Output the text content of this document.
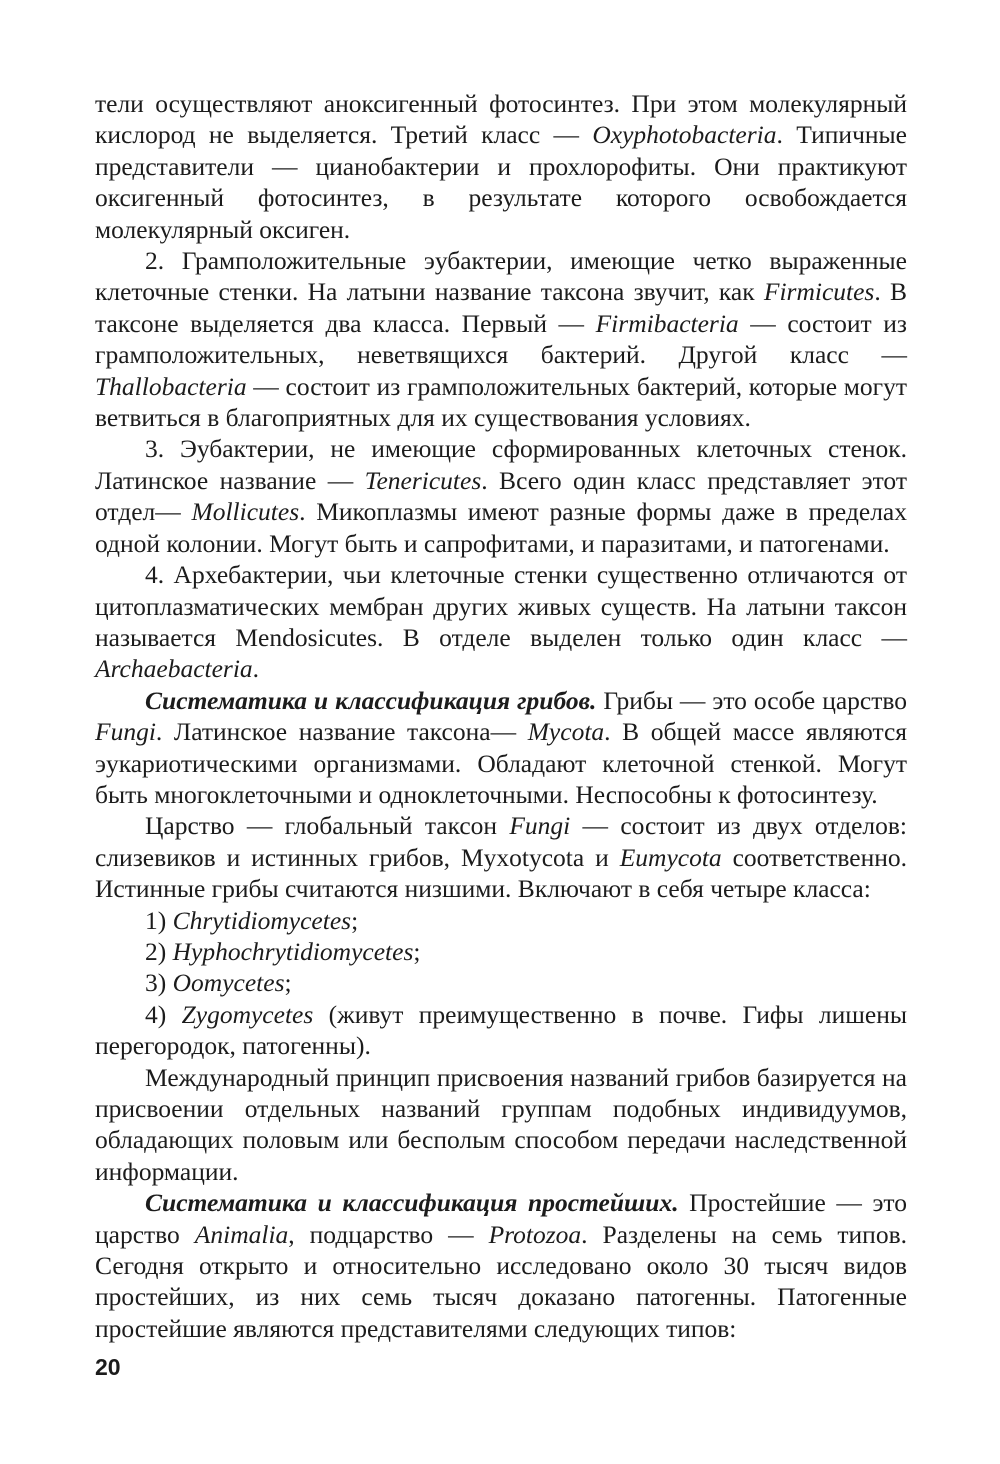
тели осуществляют аноксигенный фотосинтез. При этом молекулярный кислород не выделяется. Третий класс — Oxyphotobacteria. Типичные представители — цианобактерии и прохлорофиты. Они практикуют оксигенный фотосинтез, в результате которого освобождается молекулярный оксиген.

2. Грамположительные эубактерии, имеющие четко выраженные клеточные стенки. На латыни название таксона звучит, как Firmicutes. В таксоне выделяется два класса. Первый — Firmibacteria — состоит из грамположительных, неветвящихся бактерий. Другой класс — Thallobacteria — состоит из грамположительных бактерий, которые могут ветвиться в благоприятных для их существования условиях.

3. Эубактерии, не имеющие сформированных клеточных стенок. Латинское название — Tenericutes. Всего один класс представляет этот отдел— Mollicutes. Микоплазмы имеют разные формы даже в пределах одной колонии. Могут быть и сапрофитами, и паразитами, и патогенами.

4. Архебактерии, чьи клеточные стенки существенно отличаются от цитоплазматических мембран других живых существ. На латыни таксон называется Mendosicutes. В отделе выделен только один класс — Archaebacteria.

Систематика и классификация грибов. Грибы — это особе царство Fungi. Латинское название таксона— Mycota. В общей массе являются эукариотическими организмами. Обладают клеточной стенкой. Могут быть многоклеточными и одноклеточными. Неспособны к фотосинтезу.

Царство — глобальный таксон Fungi — состоит из двух отделов: слизевиков и истинных грибов, Myxotycota и Eumycota соответственно. Истинные грибы считаются низшими. Включают в себя четыре класса:

1) Chrytidiomycetes;

2) Hyphochrytidiomycetes;

3) Oomycetes;

4) Zygomycetes (живут преимущественно в почве. Гифы лишены перегородок, патогенны).

Международный принцип присвоения названий грибов базируется на присвоении отдельных названий группам подобных индивидуумов, обладающих половым или бесполым способом передачи наследственной информации.

Систематика и классификация простейших. Простейшие — это царство Animalia, подцарство — Protozoa. Разделены на семь типов. Сегодня открыто и относительно исследовано около 30 тысяч видов простейших, из них семь тысяч доказано патогенны. Патогенные простейшие являются представителями следующих типов:

20
